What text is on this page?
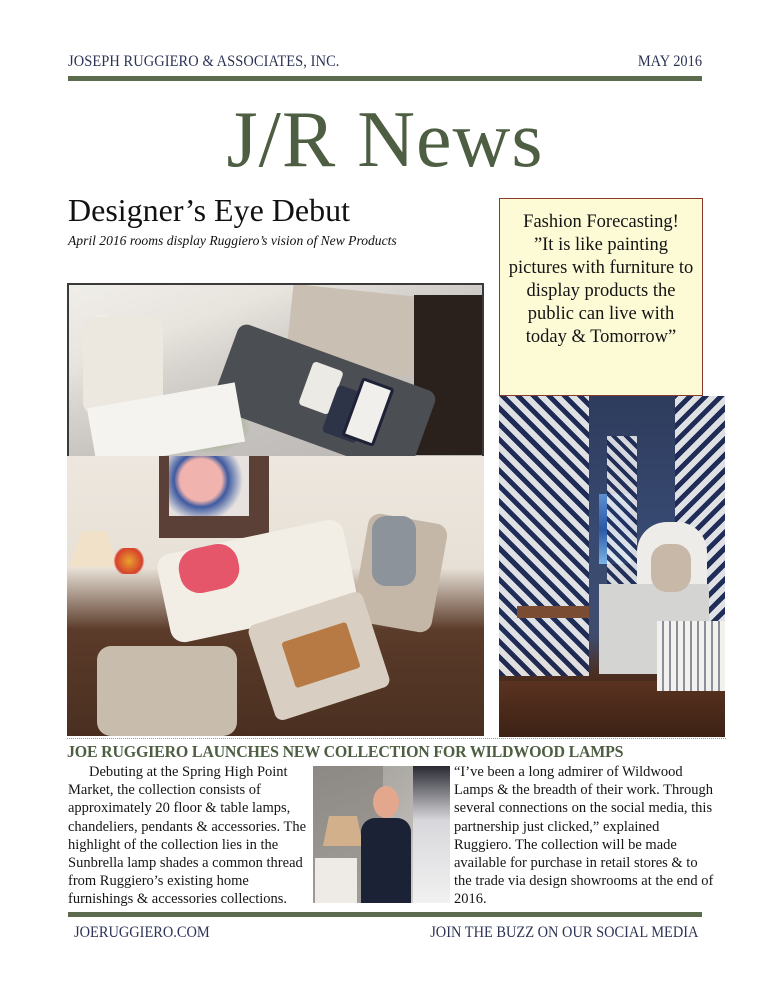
JOSEPH RUGGIERO & ASSOCIATES, INC.	MAY 2016
J/R News
Designer’s Eye Debut
April 2016 rooms display Ruggiero’s vision of New Products

Fashion Forecasting!

”It is like painting pictures with furniture to display products the public can live with today & Tomorrow”

JOE RUGGIERO LAUNCHES NEW COLLECTION FOR WILDWOOD LAMPS

Debuting at the Spring High Point Market, the collection consists of approximately 20 floor & table lamps, chandeliers, pendants & accessories. The highlight of the collection lies in the Sunbrella lamp shades a common thread from Ruggiero’s existing home furnishings & accessories collections.

“I’ve been a long admirer of Wildwood Lamps & the breadth of their work. Through several connections on the social media, this partnership just clicked,” explained Ruggiero. The collection will be made available for purchase in retail stores & to the trade via design showrooms at the end of 2016.

JOERUGGIERO.COM	JOIN THE BUZZ ON OUR SOCIAL MEDIA
